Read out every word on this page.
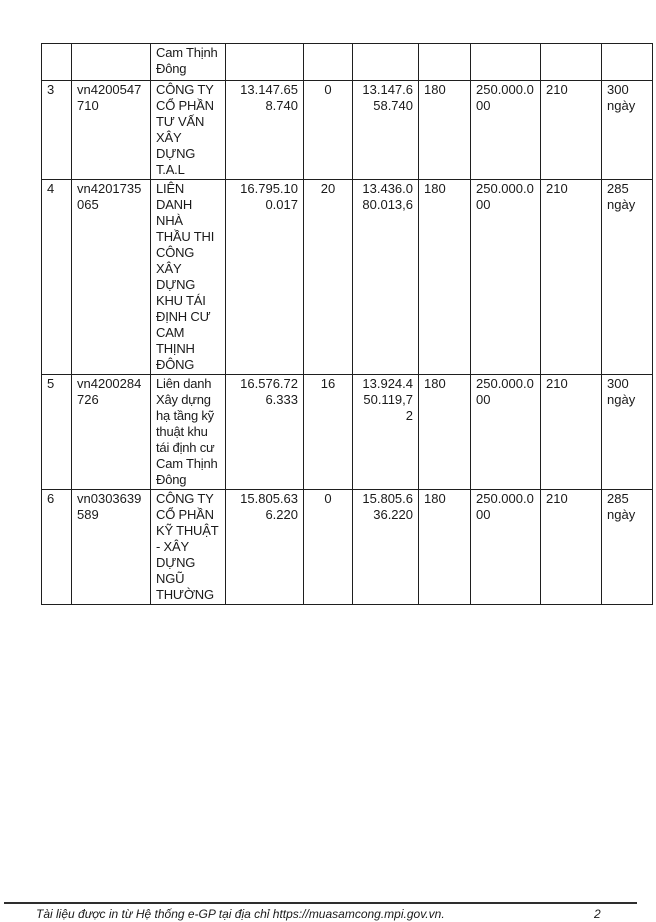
		Cam Thịnh Đông							
3	vn4200547710	CÔNG TY CỔ PHẦN TƯ VẤN XÂY DỰNG T.A.L	13.147.658.740	0	13.147.658.740	180	250.000.000	210	300 ngày
4	vn4201735065	LIÊN DANH NHÀ THẦU THI CÔNG XÂY DỰNG KHU TÁI ĐỊNH CƯ CAM THỊNH ĐÔNG	16.795.100.017	20	13.436.080.013,6	180	250.000.000	210	285 ngày
5	vn4200284726	Liên danh Xây dựng hạ tầng kỹ thuật khu tái định cư Cam Thịnh Đông	16.576.726.333	16	13.924.450.119,72	180	250.000.000	210	300 ngày
6	vn0303639589	CÔNG TY CỔ PHẦN KỸ THUẬT - XÂY DỰNG NGŨ THƯỜNG	15.805.636.220	0	15.805.636.220	180	250.000.000	210	285 ngày
Tài liệu được in từ Hệ thống e-GP tại địa chỉ https://muasamcong.mpi.gov.vn.	2
